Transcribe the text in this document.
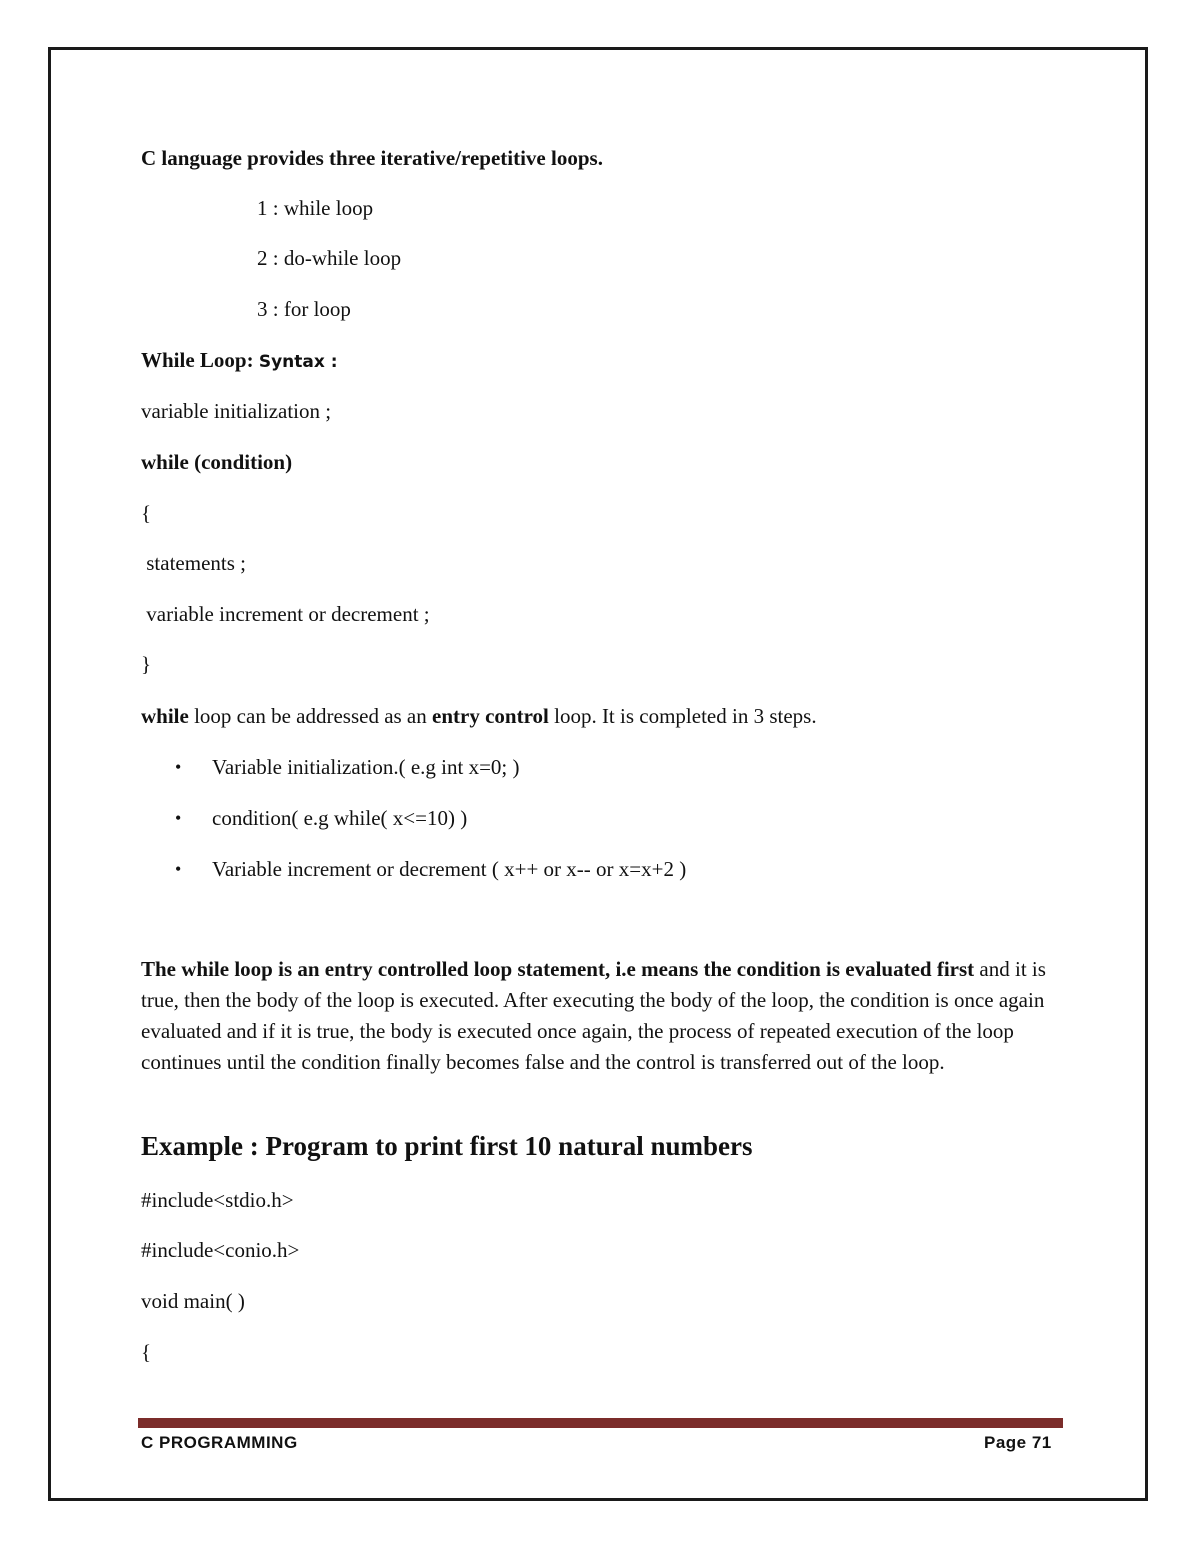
C language provides three iterative/repetitive loops.

1 : while loop

2 : do-while loop

3 : for loop

While Loop: Syntax :

variable initialization ;

while (condition)

{

statements ;

variable increment or decrement ;

}

while loop can be addressed as an entry control loop. It is completed in 3 steps.

• Variable initialization.( e.g int x=0; )

• condition( e.g while( x<=10) )

• Variable increment or decrement ( x++ or x-- or x=x+2 )

The while loop is an entry controlled loop statement, i.e means the condition is evaluated first and it is true, then the body of the loop is executed. After executing the body of the loop, the condition is once again evaluated and if it is true, the body is executed once again, the process of repeated execution of the loop continues until the condition finally becomes false and the control is transferred out of the loop.

Example : Program to print first 10 natural numbers

#include<stdio.h>

#include<conio.h>

void main( )

{

C PROGRAMMING	Page 71
